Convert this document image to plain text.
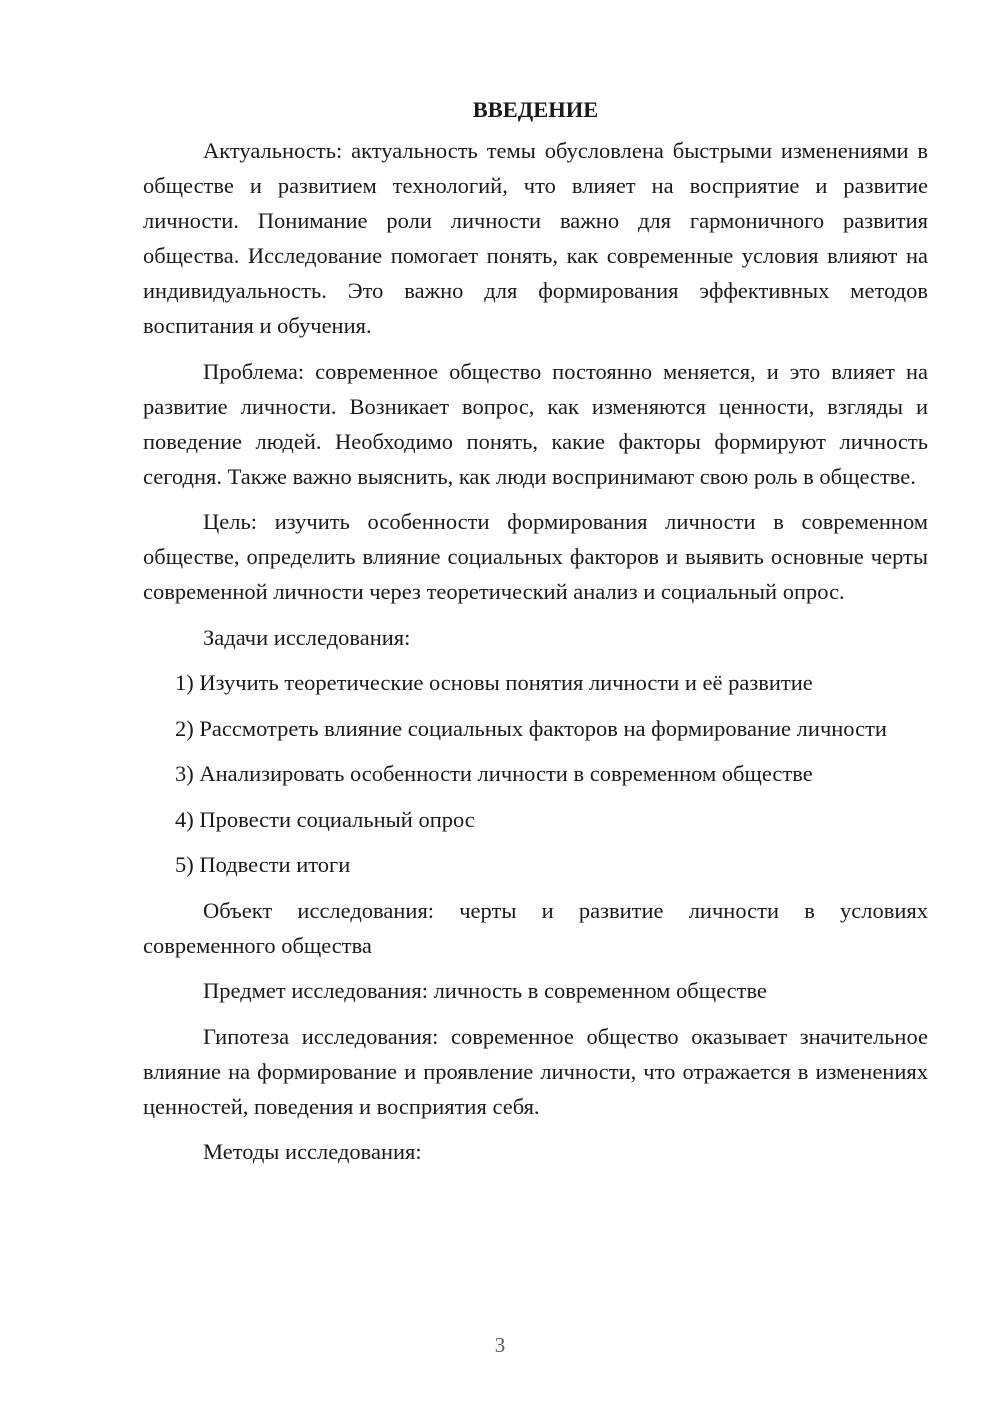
ВВЕДЕНИЕ

Актуальность: актуальность темы обусловлена быстрыми изменениями в обществе и развитием технологий, что влияет на восприятие и развитие личности. Понимание роли личности важно для гармоничного развития общества. Исследование помогает понять, как современные условия влияют на индивидуальность. Это важно для формирования эффективных методов воспитания и обучения.

Проблема: современное общество постоянно меняется, и это влияет на развитие личности. Возникает вопрос, как изменяются ценности, взгляды и поведение людей. Необходимо понять, какие факторы формируют личность сегодня. Также важно выяснить, как люди воспринимают свою роль в обществе.

Цель: изучить особенности формирования личности в современном обществе, определить влияние социальных факторов и выявить основные черты современной личности через теоретический анализ и социальный опрос.

Задачи исследования:

1) Изучить теоретические основы понятия личности и её развитие

2) Рассмотреть влияние социальных факторов на формирование личности

3) Анализировать особенности личности в современном обществе

4) Провести социальный опрос

5) Подвести итоги

Объект исследования: черты и развитие личности в условиях современного общества

Предмет исследования: личность в современном обществе

Гипотеза исследования: современное общество оказывает значительное влияние на формирование и проявление личности, что отражается в изменениях ценностей, поведения и восприятия себя.

Методы исследования:

3
